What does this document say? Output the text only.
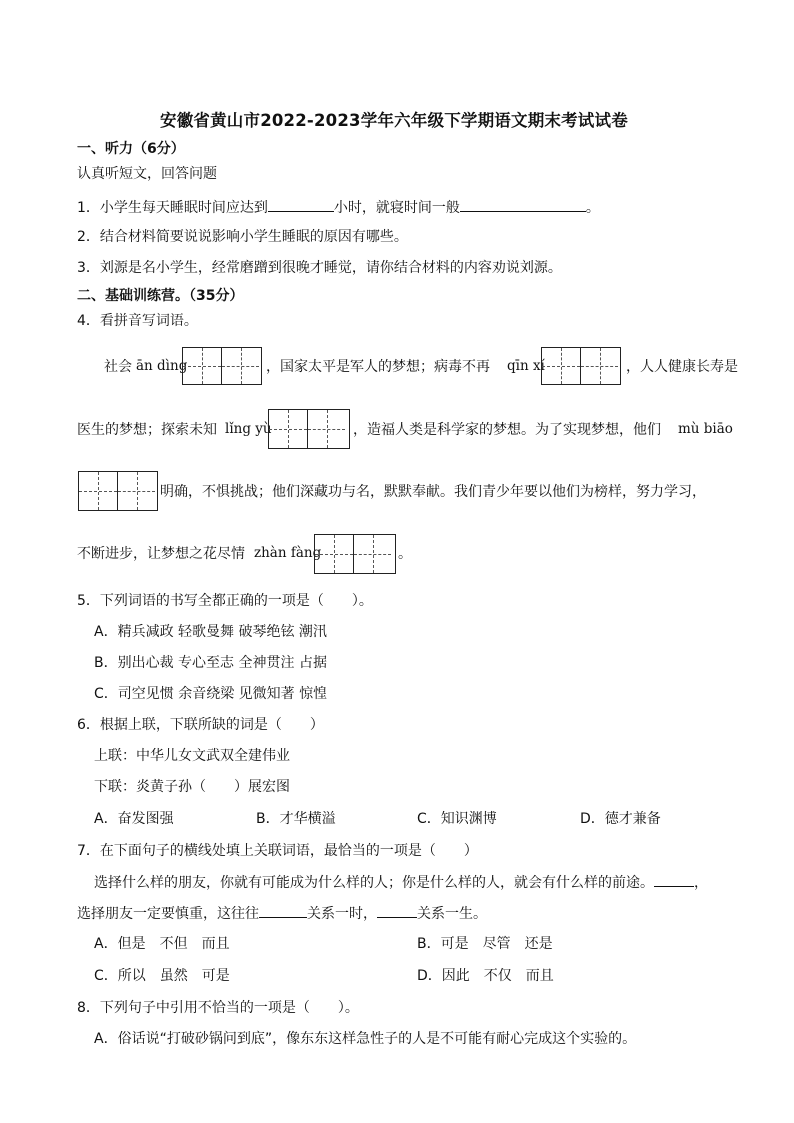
安徽省黄山市2022-2023学年六年级下学期语文期末考试试卷
一、听力（6分）
认真听短文，回答问题
1．小学生每天睡眠时间应达到	小时，就寝时间一般	。
2．结合材料简要说说影响小学生睡眠的原因有哪些。
3．刘源是名小学生，经常磨蹭到很晚才睡觉，请你结合材料的内容劝说刘源。
二、基础训练营。（35分）
4．看拼音写词语。
社会 ān dìng	，国家太平是军人的梦想；病毒不再 qīn xí	，人人健康长寿是
医生的梦想；探索未知 lǐng yù	，造福人类是科学家的梦想。为了实现梦想，他们 mù biāo
明确，不惧挑战；他们深藏功与名，默默奉献。我们青少年要以他们为榜样，努力学习，
不断进步，让梦想之花尽情 zhàn fàng	。
5．下列词语的书写全都正确的一项是（　　）。
A．精兵减政 轻歌曼舞 破琴绝铉 潮汛
B．别出心裁 专心至志 全神贯注 占据
C．司空见惯 余音绕梁 见微知著 惊惶
6．根据上联，下联所缺的词是（　　）
上联：中华儿女文武双全建伟业
下联：炎黄子孙（　　）展宏图
A．奋发图强	B．才华横溢	C．知识渊博	D．德才兼备
7．在下面句子的横线处填上关联词语，最恰当的一项是（　　）
选择什么样的朋友，你就有可能成为什么样的人；你是什么样的人，就会有什么样的前途。	，
选择朋友一定要慎重，这往往	关系一时，	关系一生。
A．但是　不但　而且	B．可是　尽管　还是
C．所以　虽然　可是	D．因此　不仅　而且
8．下列句子中引用不恰当的一项是（　　）。
A．俗话说“打破砂锅问到底”，像东东这样急性子的人是不可能有耐心完成这个实验的。
